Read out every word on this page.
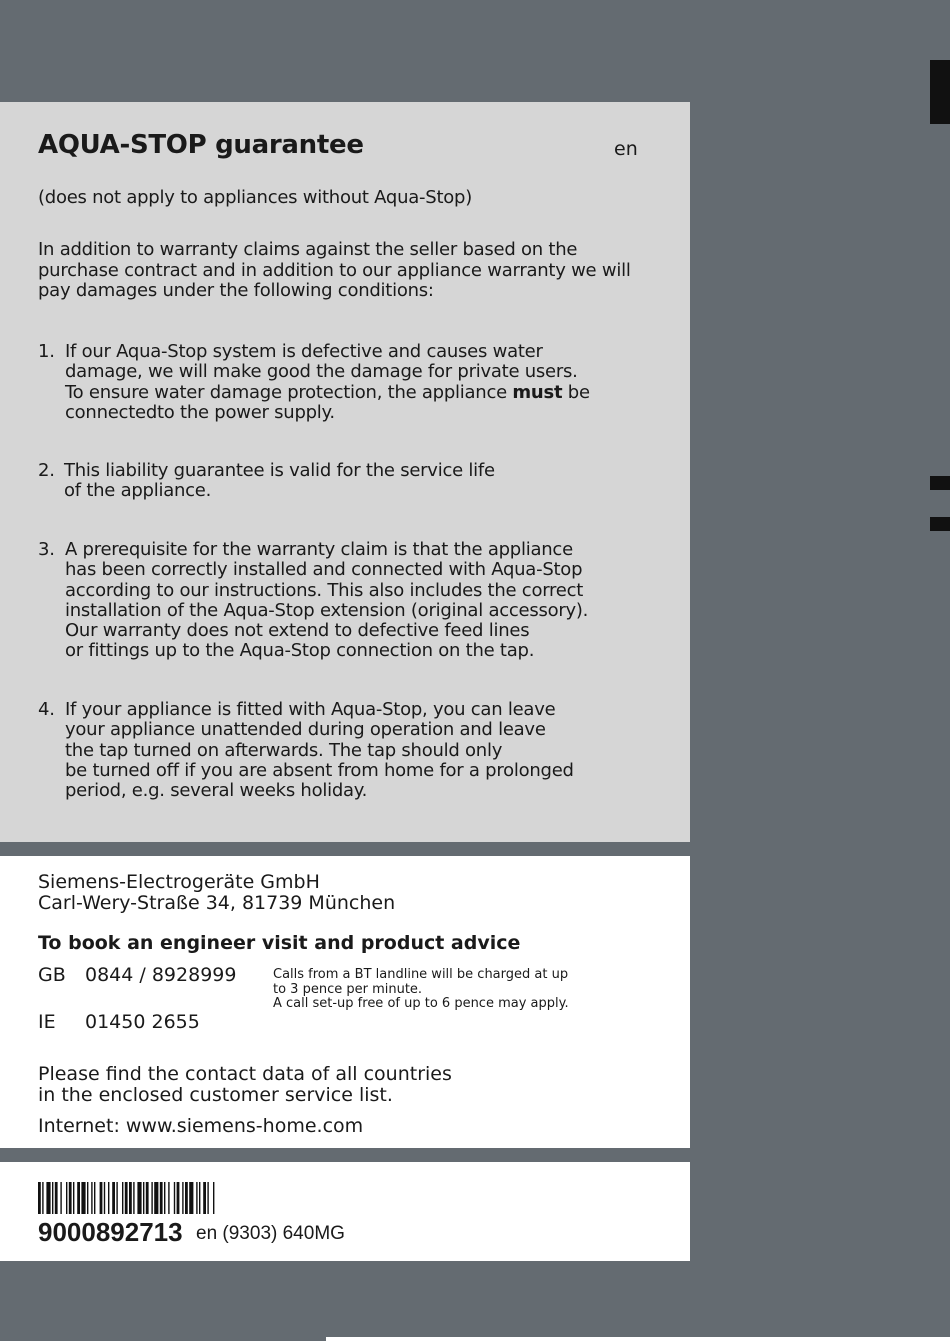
AQUA-STOP guarantee	en

(does not apply to appliances without Aqua-Stop)

In addition to warranty claims against the seller based on the purchase contract and in addition to our appliance warranty we will pay damages under the following conditions:

1. If our Aqua-Stop system is defective and causes water
damage, we will make good the damage for private users.
To ensure water damage protection, the appliance must be
connectedto the power supply.
2. This liability guarantee is valid for the service life
of the appliance.
3. A prerequisite for the warranty claim is that the appliance
has been correctly installed and connected with Aqua-Stop
according to our instructions. This also includes the correct
installation of the Aqua-Stop extension (original accessory).
Our warranty does not extend to defective feed lines
or fittings up to the Aqua-Stop connection on the tap.
4. If your appliance is fitted with Aqua-Stop, you can leave
your appliance unattended during operation and leave
the tap turned on afterwards. The tap should only
be turned off if you are absent from home for a prolonged
period, e.g. several weeks holiday.

Siemens-Electrogeräte GmbH

Carl-Wery-Straße 34, 81739 München

To book an engineer visit and product advice

GB 0844 / 8928999
IE 01450 2655

Calls from a BT landline will be charged at up
to 3 pence per minute.
A call set-up free of up to 6 pence may apply.

Please find the contact data of all countries
in the enclosed customer service list.

Internet: www.siemens-home.com

9000892713 en (9303) 640MG
